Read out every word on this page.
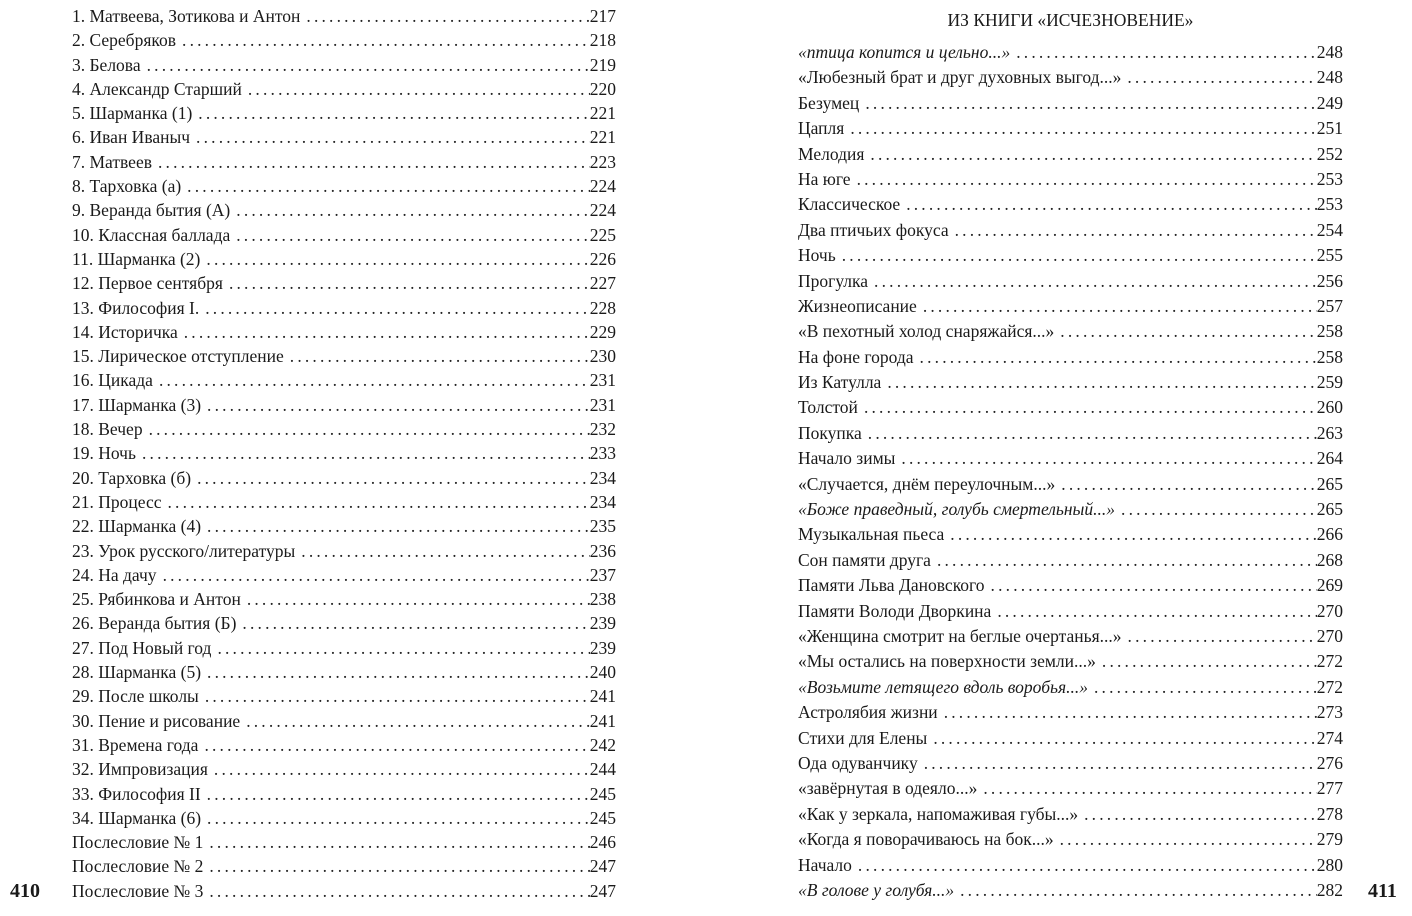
1. Матвеева, Зотикова и Антон . . .	217
2. Серебряков . . .	218
3. Белова . . .	219
4. Александр Старший . . .	220
5. Шарманка (1) . . .	221
6. Иван Иваныч . . .	221
7. Матвеев . . .	223
8. Тарховка (а) . . .	224
9. Веранда бытия (А) . . .	224
10. Классная баллада . . .	225
11. Шарманка (2) . . .	226
12. Первое сентября . . .	227
13. Философия I. . . .	228
14. Историчка . . .	229
15. Лирическое отступление . . .	230
16. Цикада . . .	231
17. Шарманка (3) . . .	231
18. Вечер . . .	232
19. Ночь . . .	233
20. Тарховка (б) . . .	234
21. Процесс . . .	234
22. Шарманка (4) . . .	235
23. Урок русского/литературы . . .	236
24. На дачу . . .	237
25. Рябинкова и Антон . . .	238
26. Веранда бытия (Б) . . .	239
27. Под Новый год . . .	239
28. Шарманка (5) . . .	240
29. После школы . . .	241
30. Пение и рисование . . .	241
31. Времена года . . .	242
32. Импровизация . . .	244
33. Философия II . . .	245
34. Шарманка (6) . . .	245
Послесловие № 1 . . .	246
Послесловие № 2 . . .	247
Послесловие № 3 . . .	247
ИЗ КНИГИ «ИСЧЕЗНОВЕНИЕ»
«птица копится и цельно...» . . .	248
«Любезный брат и друг духовных выгод...» . . .	248
Безумец . . .	249
Цапля . . .	251
Мелодия . . .	252
На юге . . .	253
Классическое . . .	253
Два птичьих фокуса . . .	254
Ночь . . .	255
Прогулка . . .	256
Жизнеописание . . .	257
«В пехотный холод снаряжайся...» . . .	258
На фоне города . . .	258
Из Катулла . . .	259
Толстой . . .	260
Покупка . . .	263
Начало зимы . . .	264
«Случается, днём переулочным...» . . .	265
«Боже праведный, голубь смертельный...» . . .	265
Музыкальная пьеса . . .	266
Сон памяти друга . . .	268
Памяти Льва Дановского . . .	269
Памяти Володи Дворкина . . .	270
«Женщина смотрит на беглые очертанья...» . . .	270
«Мы остались на поверхности земли...» . . .	272
«Возьмите летящего вдоль воробья...» . . .	272
Астролябия жизни . . .	273
Стихи для Елены . . .	274
Ода одуванчику . . .	276
«завёрнутая в одеяло...» . . .	277
«Как у зеркала, напомаживая губы...» . . .	278
«Когда я поворачиваюсь на бок...» . . .	279
Начало . . .	280
«В голове у голубя...» . . .	282
410	411
